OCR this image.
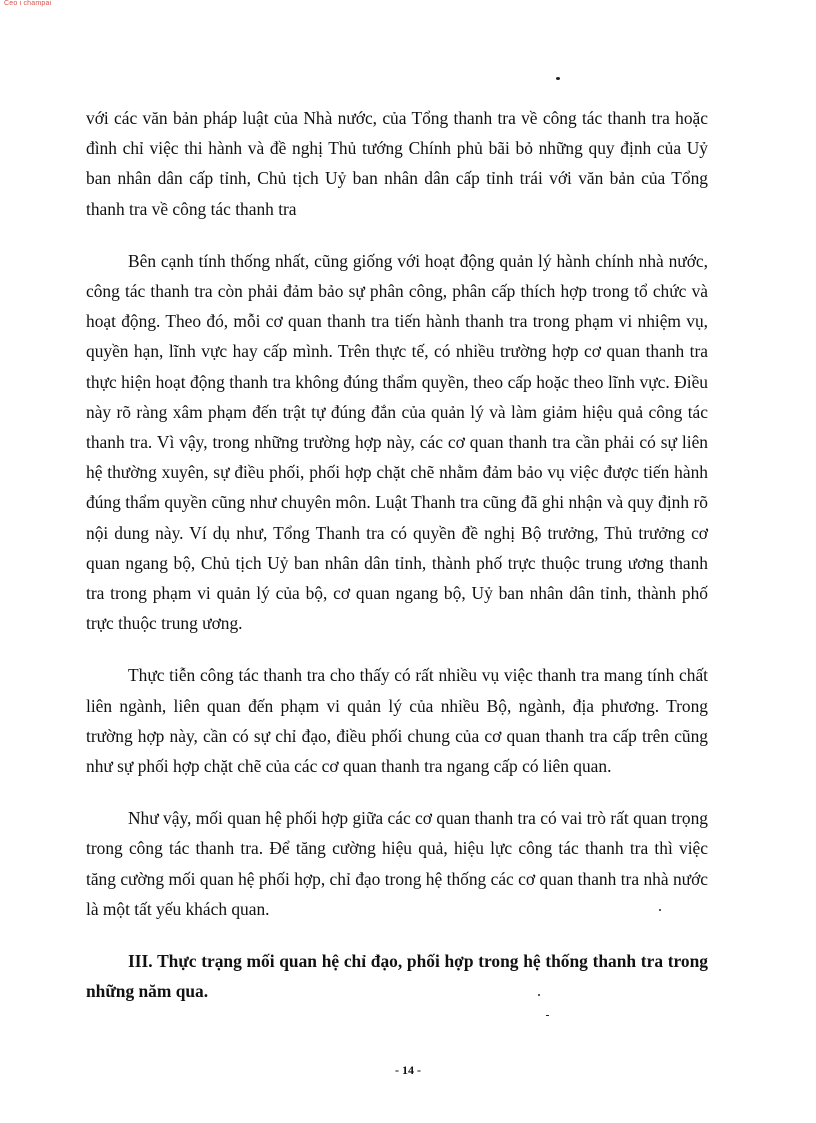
Ceo i champai

với các văn bản pháp luật của Nhà nước, của Tổng thanh tra về công tác thanh tra hoặc đình chỉ việc thi hành và đề nghị Thủ tướng Chính phủ bãi bỏ những quy định của Uỷ ban nhân dân cấp tỉnh, Chủ tịch Uỷ ban nhân dân cấp tỉnh trái với văn bản của Tổng thanh tra về công tác thanh tra

Bên cạnh tính thống nhất, cũng giống với hoạt động quản lý hành chính nhà nước, công tác thanh tra còn phải đảm bảo sự phân công, phân cấp thích hợp trong tổ chức và hoạt động. Theo đó, mỗi cơ quan thanh tra tiến hành thanh tra trong phạm vi nhiệm vụ, quyền hạn, lĩnh vực hay cấp mình. Trên thực tế, có nhiều trường hợp cơ quan thanh tra thực hiện hoạt động thanh tra không đúng thẩm quyền, theo cấp hoặc theo lĩnh vực. Điều này rõ ràng xâm phạm đến trật tự đúng đắn của quản lý và làm giảm hiệu quả công tác thanh tra. Vì vậy, trong những trường hợp này, các cơ quan thanh tra cần phải có sự liên hệ thường xuyên, sự điều phối, phối hợp chặt chẽ nhằm đảm bảo vụ việc được tiến hành đúng thẩm quyền cũng như chuyên môn. Luật Thanh tra cũng đã ghi nhận và quy định rõ nội dung này. Ví dụ như, Tổng Thanh tra có quyền đề nghị Bộ trưởng, Thủ trưởng cơ quan ngang bộ, Chủ tịch Uỷ ban nhân dân tỉnh, thành phố trực thuộc trung ương thanh tra trong phạm vi quản lý của bộ, cơ quan ngang bộ, Uỷ ban nhân dân tỉnh, thành phố trực thuộc trung ương.

Thực tiễn công tác thanh tra cho thấy có rất nhiều vụ việc thanh tra mang tính chất liên ngành, liên quan đến phạm vi quản lý của nhiều Bộ, ngành, địa phương. Trong trường hợp này, cần có sự chỉ đạo, điều phối chung của cơ quan thanh tra cấp trên cũng như sự phối hợp chặt chẽ của các cơ quan thanh tra ngang cấp có liên quan.

Như vậy, mối quan hệ phối hợp giữa các cơ quan thanh tra có vai trò rất quan trọng trong công tác thanh tra. Để tăng cường hiệu quả, hiệu lực công tác thanh tra thì việc tăng cường mối quan hệ phối hợp, chỉ đạo trong hệ thống các cơ quan thanh tra nhà nước là một tất yếu khách quan.

III. Thực trạng mối quan hệ chỉ đạo, phối hợp trong hệ thống thanh tra trong những năm qua.

- 14 -
